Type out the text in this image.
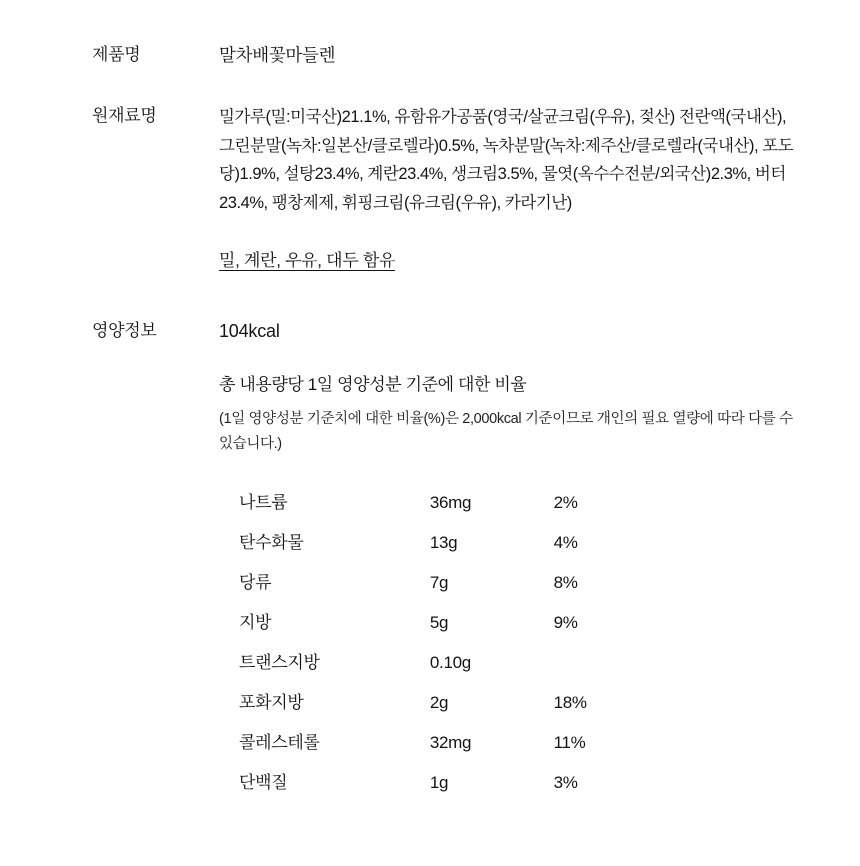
제품명	말차배꽃마들렌
원재료명	밀가루(밀:미국산)21.1%, 유함유가공품(영국/살균크림(우유), 젖산) 전란액(국내산), 그린분말(녹차:일본산/클로렐라)0.5%, 녹차분말(녹차:제주산/클로렐라(국내산), 포도당)1.9%, 설탕23.4%, 계란23.4%, 생크림3.5%, 물엿(옥수수전분/외국산)2.3%, 버터23.4%, 팽창제제, 휘핑크림(유크림(우유), 카라기난)
밀, 계란, 우유, 대두 함유
영양정보	104kcal
총 내용량당 1일 영양성분 기준에 대한 비율
(1일 영양성분 기준치에 대한 비율(%)은 2,000kcal 기준이므로 개인의 필요 열량에 따라 다를 수 있습니다.)
나트륨	36mg	2%
탄수화물	13g	4%
당류	7g	8%
지방	5g	9%
트랜스지방	0.10g	
포화지방	2g	18%
콜레스테롤	32mg	11%
단백질	1g	3%
